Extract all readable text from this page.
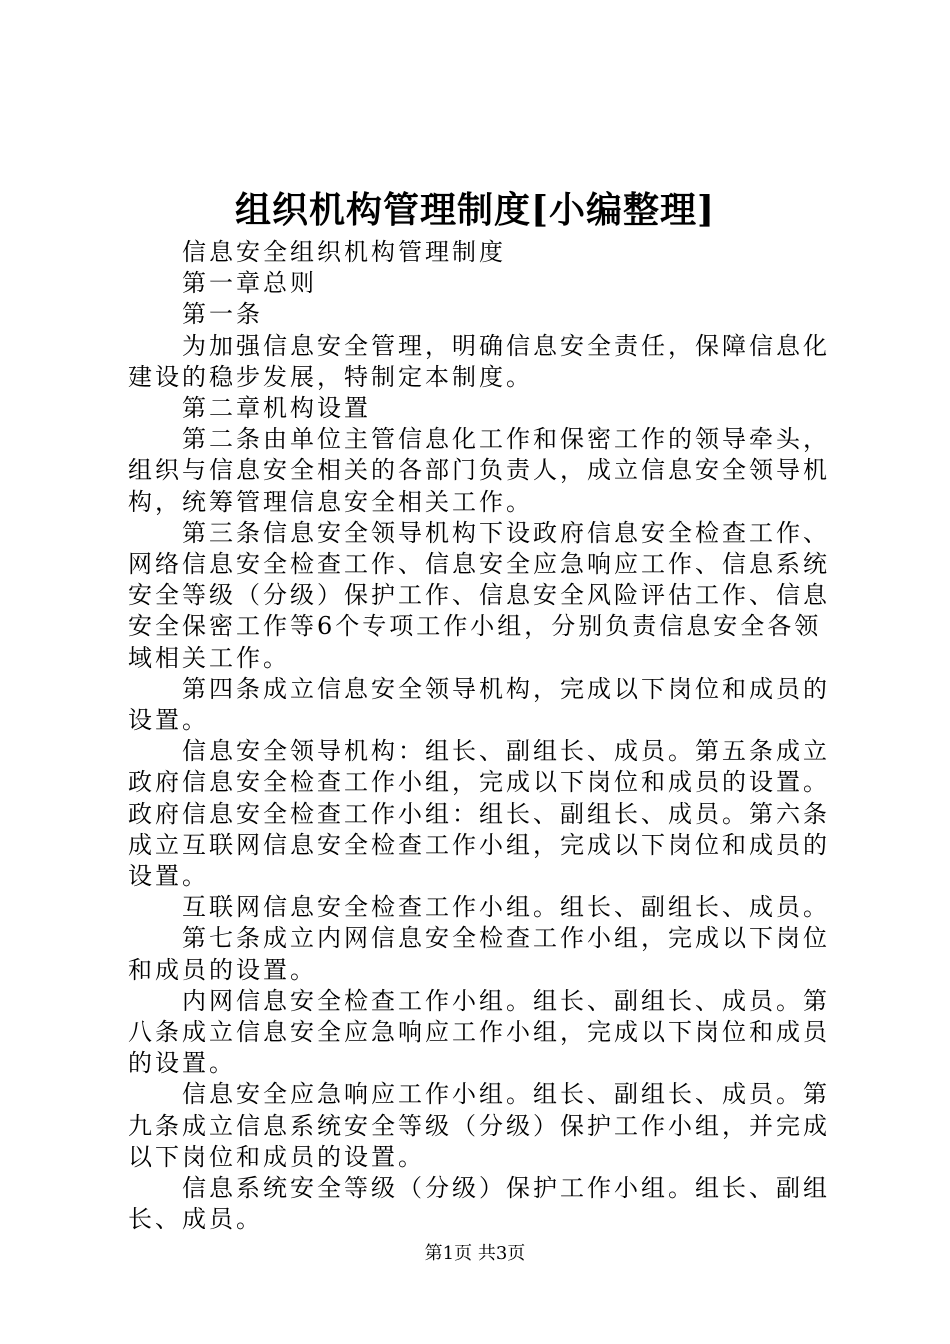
组织机构管理制度[小编整理]

信息安全组织机构管理制度

第一章总则

第一条

为加强信息安全管理，明确信息安全责任，保障信息化建设的稳步发展，特制定本制度。

第二章机构设置

第二条由单位主管信息化工作和保密工作的领导牵头，组织与信息安全相关的各部门负责人，成立信息安全领导机构，统筹管理信息安全相关工作。

第三条信息安全领导机构下设政府信息安全检查工作、网络信息安全检查工作、信息安全应急响应工作、信息系统安全等级（分级）保护工作、信息安全风险评估工作、信息安全保密工作等6个专项工作小组，分别负责信息安全各领域相关工作。

第四条成立信息安全领导机构，完成以下岗位和成员的设置。

信息安全领导机构：组长、副组长、成员。第五条成立政府信息安全检查工作小组，完成以下岗位和成员的设置。政府信息安全检查工作小组：组长、副组长、成员。第六条成立互联网信息安全检查工作小组，完成以下岗位和成员的设置。

互联网信息安全检查工作小组。组长、副组长、成员。

第七条成立内网信息安全检查工作小组，完成以下岗位和成员的设置。

内网信息安全检查工作小组。组长、副组长、成员。第八条成立信息安全应急响应工作小组，完成以下岗位和成员的设置。

信息安全应急响应工作小组。组长、副组长、成员。第九条成立信息系统安全等级（分级）保护工作小组，并完成以下岗位和成员的设置。

信息系统安全等级（分级）保护工作小组。组长、副组长、成员。

第1页 共3页
